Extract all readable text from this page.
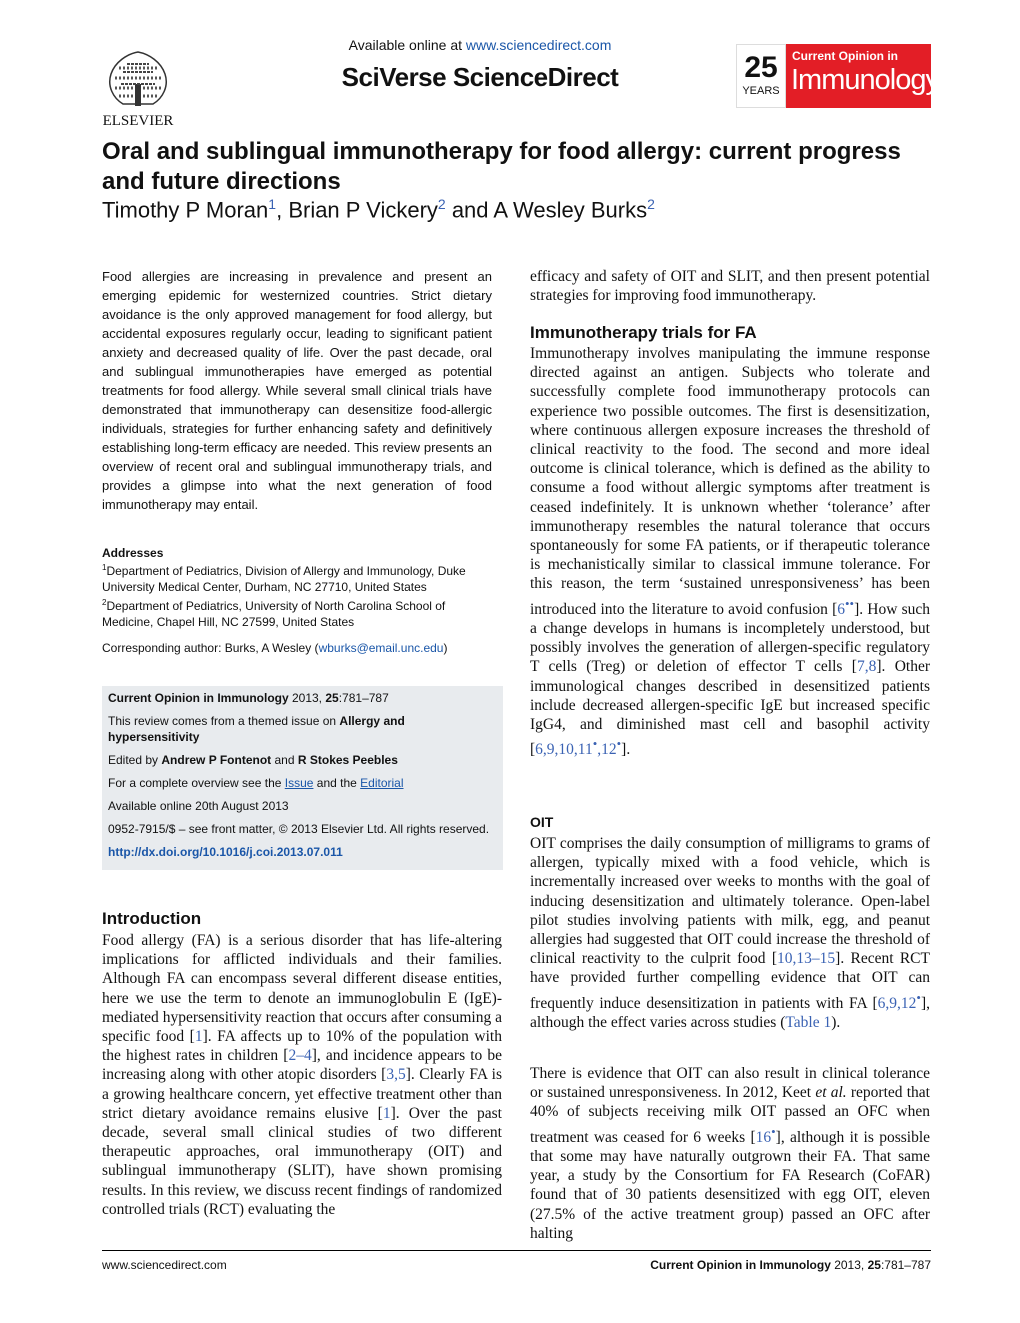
ELSEVIER
Available online at www.sciencedirect.com
SciVerse ScienceDirect	25
YEARS
Current Opinion in
Immunology
Oral and sublingual immunotherapy for food allergy: current progress and future directions
Timothy P Moran$^1$, Brian P Vickery$^2$ and A Wesley Burks$^2$
Food allergies are increasing in prevalence and present an emerging epidemic for westernized countries. Strict dietary avoidance is the only approved management for food allergy, but accidental exposures regularly occur, leading to significant patient anxiety and decreased quality of life. Over the past decade, oral and sublingual immunotherapies have emerged as potential treatments for food allergy. While several small clinical trials have demonstrated that immunotherapy can desensitize food-allergic individuals, strategies for further enhancing safety and definitively establishing long-term efficacy are needed. This review presents an overview of recent oral and sublingual immunotherapy trials, and provides a glimpse into what the next generation of food immunotherapy may entail.
Addresses
$^1$Department of Pediatrics, Division of Allergy and Immunology, Duke University Medical Center, Durham, NC 27710, United States
$^2$Department of Pediatrics, University of North Carolina School of Medicine, Chapel Hill, NC 27599, United States
Corresponding author: Burks, A Wesley (wburks@email.unc.edu)

Current Opinion in Immunology 2013, 25:781–787

This review comes from a themed issue on Allergy and hypersensitivity

Edited by Andrew P Fontenot and R Stokes Peebles

For a complete overview see the Issue and the Editorial

Available online 20th August 2013

0952-7915/$ – see front matter, © 2013 Elsevier Ltd. All rights reserved.

http://dx.doi.org/10.1016/j.coi.2013.07.011

Introduction
Food allergy (FA) is a serious disorder that has life-altering implications for afflicted individuals and their families. Although FA can encompass several different disease entities, here we use the term to denote an immunoglobulin E (IgE)-mediated hypersensitivity reaction that occurs after consuming a specific food [1]. FA affects up to 10% of the population with the highest rates in children [2–4], and incidence appears to be increasing along with other atopic disorders [3,5]. Clearly FA is a growing healthcare concern, yet effective treatment other than strict dietary avoidance remains elusive [1]. Over the past decade, several small clinical studies of two different therapeutic approaches, oral immunotherapy (OIT) and sublingual immunotherapy (SLIT), have shown promising results. In this review, we discuss recent findings of randomized controlled trials (RCT) evaluating the
efficacy and safety of OIT and SLIT, and then present potential strategies for improving food immunotherapy.
Immunotherapy trials for FA
Immunotherapy involves manipulating the immune response directed against an antigen. Subjects who tolerate and successfully complete food immunotherapy protocols can experience two possible outcomes. The first is desensitization, where continuous allergen exposure increases the threshold of clinical reactivity to the food. The second and more ideal outcome is clinical tolerance, which is defined as the ability to consume a food without allergic symptoms after treatment is ceased indefinitely. It is unknown whether ‘tolerance’ after immunotherapy resembles the natural tolerance that occurs spontaneously for some FA patients, or if therapeutic tolerance is mechanistically similar to classical immune tolerance. For this reason, the term ‘sustained unresponsiveness’ has been introduced into the literature to avoid confusion [6••]. How such a change develops in humans is incompletely understood, but possibly involves the generation of allergen-specific regulatory T cells (Treg) or deletion of effector T cells [7,8]. Other immunological changes described in desensitized patients include decreased allergen-specific IgE but increased specific IgG4, and diminished mast cell and basophil activity [6,9,10,11•,12•].
OIT
OIT comprises the daily consumption of milligrams to grams of allergen, typically mixed with a food vehicle, which is incrementally increased over weeks to months with the goal of inducing desensitization and ultimately tolerance. Open-label pilot studies involving patients with milk, egg, and peanut allergies had suggested that OIT could increase the threshold of clinical reactivity to the culprit food [10,13–15]. Recent RCT have provided further compelling evidence that OIT can frequently induce desensitization in patients with FA [6,9,12•], although the effect varies across studies (Table 1).
There is evidence that OIT can also result in clinical tolerance or sustained unresponsiveness. In 2012, Keet et al. reported that 40% of subjects receiving milk OIT passed an OFC when treatment was ceased for 6 weeks [16•], although it is possible that some may have naturally outgrown their FA. That same year, a study by the Consortium for FA Research (CoFAR) found that of 30 patients desensitized with egg OIT, eleven (27.5% of the active treatment group) passed an OFC after halting
www.sciencedirect.com	Current Opinion in Immunology 2013, 25:781–787
